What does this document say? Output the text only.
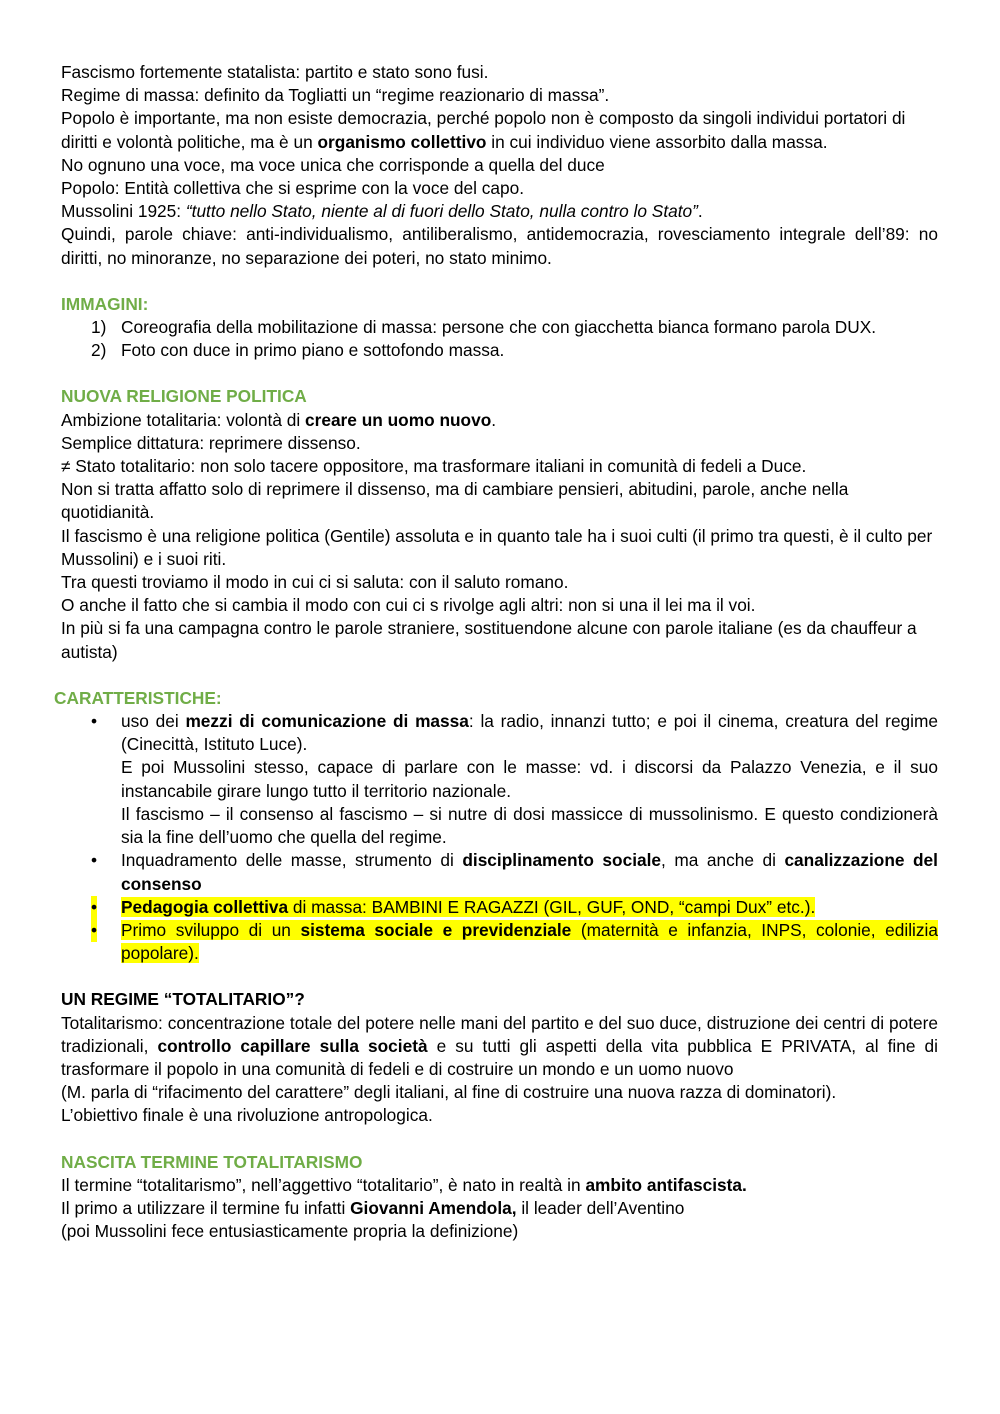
Fascismo fortemente statalista: partito e stato sono fusi.

Regime di massa: definito da Togliatti un “regime reazionario di massa”.

Popolo è importante, ma non esiste democrazia, perché popolo non è composto da singoli individui portatori di diritti e volontà politiche, ma è un organismo collettivo in cui individuo viene assorbito dalla massa.

No ognuno una voce, ma voce unica che corrisponde a quella del duce

Popolo: Entità collettiva che si esprime con la voce del capo.

Mussolini 1925: “tutto nello Stato, niente al di fuori dello Stato, nulla contro lo Stato”.

Quindi, parole chiave: anti-individualismo, antiliberalismo, antidemocrazia, rovesciamento integrale dell’89: no diritti, no minoranze, no separazione dei poteri, no stato minimo.

IMMAGINI:

1) Coreografia della mobilitazione di massa: persone che con giacchetta bianca formano parola DUX.
2) Foto con duce in primo piano e sottofondo massa.

NUOVA RELIGIONE POLITICA

Ambizione totalitaria: volontà di creare un uomo nuovo.

Semplice dittatura: reprimere dissenso.

≠ Stato totalitario: non solo tacere oppositore, ma trasformare italiani in comunità di fedeli a Duce.

Non si tratta affatto solo di reprimere il dissenso, ma di cambiare pensieri, abitudini, parole, anche nella quotidianità.

Il fascismo è una religione politica (Gentile) assoluta e in quanto tale ha i suoi culti (il primo tra questi, è il culto per Mussolini) e i suoi riti.

Tra questi troviamo il modo in cui ci si saluta: con il saluto romano.

O anche il fatto che si cambia il modo con cui ci s rivolge agli altri: non si una il lei ma il voi.

In più si fa una campagna contro le parole straniere, sostituendone alcune con parole italiane (es da chauffeur a autista)

CARATTERISTICHE:

• uso dei mezzi di comunicazione di massa: la radio, innanzi tutto; e poi il cinema, creatura del regime (Cinecittà, Istituto Luce).
E poi Mussolini stesso, capace di parlare con le masse: vd. i discorsi da Palazzo Venezia, e il suo instancabile girare lungo tutto il territorio nazionale.
Il fascismo – il consenso al fascismo – si nutre di dosi massicce di mussolinismo. E questo condizionerà sia la fine dell’uomo che quella del regime.
• Inquadramento delle masse, strumento di disciplinamento sociale, ma anche di canalizzazione del consenso
• Pedagogia collettiva di massa: BAMBINI E RAGAZZI (GIL, GUF, OND, “campi Dux” etc.).
• Primo sviluppo di un sistema sociale e previdenziale (maternità e infanzia, INPS, colonie, edilizia popolare).

UN REGIME “TOTALITARIO”?

Totalitarismo: concentrazione totale del potere nelle mani del partito e del suo duce, distruzione dei centri di potere tradizionali, controllo capillare sulla società e su tutti gli aspetti della vita pubblica E PRIVATA, al fine di trasformare il popolo in una comunità di fedeli e di costruire un mondo e un uomo nuovo

(M. parla di “rifacimento del carattere” degli italiani, al fine di costruire una nuova razza di dominatori).

L’obiettivo finale è una rivoluzione antropologica.

NASCITA TERMINE TOTALITARISMO

Il termine “totalitarismo”, nell’aggettivo “totalitario”, è nato in realtà in ambito antifascista.

Il primo a utilizzare il termine fu infatti Giovanni Amendola, il leader dell’Aventino

(poi Mussolini fece entusiasticamente propria la definizione)
